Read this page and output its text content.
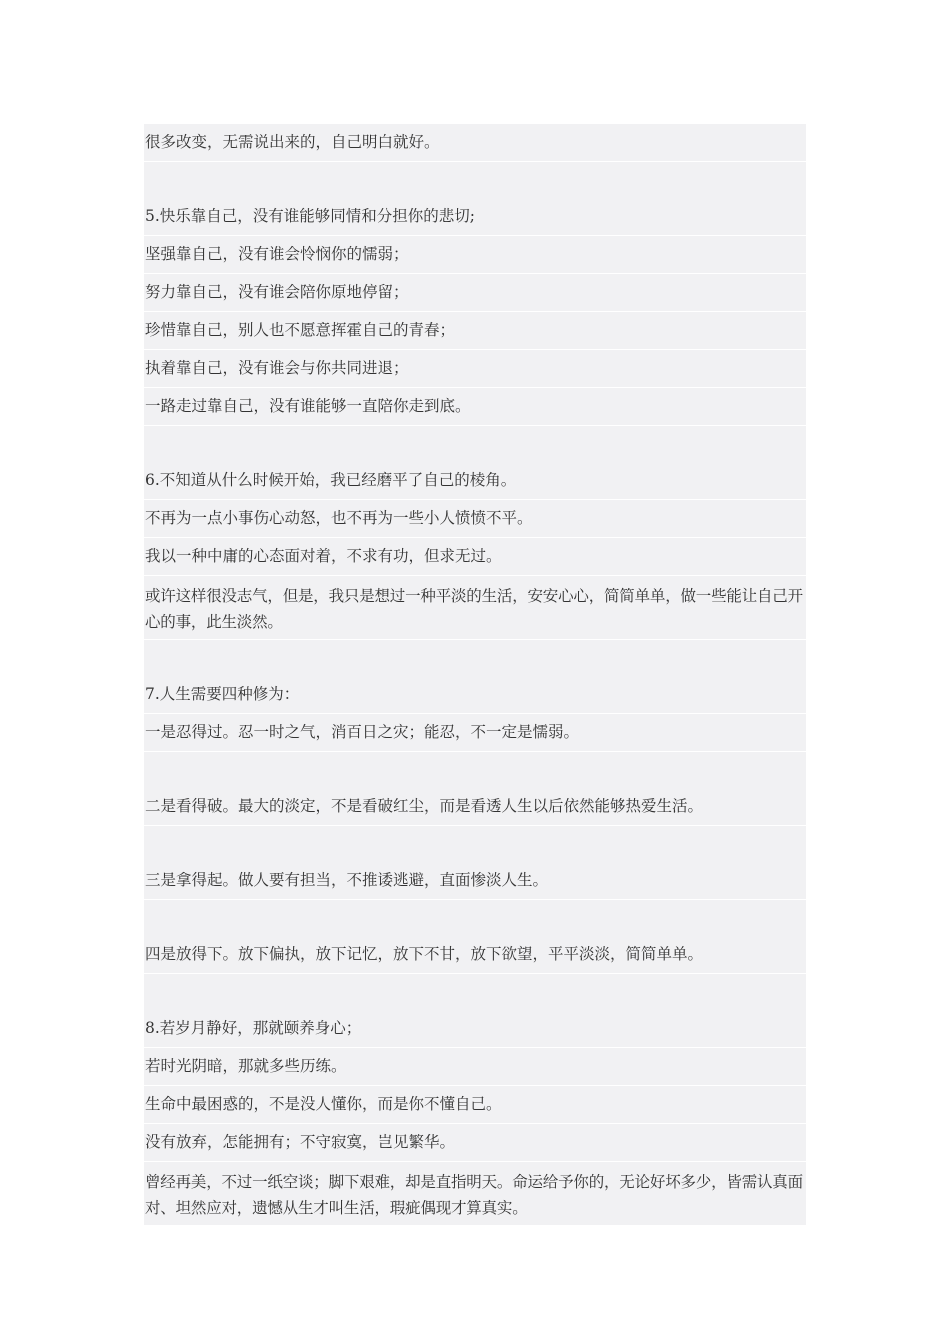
很多改变，无需说出来的，自己明白就好。
5.快乐靠自己，没有谁能够同情和分担你的悲切;
坚强靠自己，没有谁会怜悯你的懦弱；
努力靠自己，没有谁会陪你原地停留；
珍惜靠自己，别人也不愿意挥霍自己的青春；
执着靠自己，没有谁会与你共同进退；
一路走过靠自己，没有谁能够一直陪你走到底。
6.不知道从什么时候开始，我已经磨平了自己的棱角。
不再为一点小事伤心动怒，也不再为一些小人愤愤不平。
我以一种中庸的心态面对着，不求有功，但求无过。
或许这样很没志气，但是，我只是想过一种平淡的生活，安安心心，简简单单，做一些能让自己开心的事，此生淡然。
7.人生需要四种修为：
一是忍得过。忍一时之气，消百日之灾；能忍，不一定是懦弱。
二是看得破。最大的淡定，不是看破红尘，而是看透人生以后依然能够热爱生活。
三是拿得起。做人要有担当，不推诿逃避，直面惨淡人生。
四是放得下。放下偏执，放下记忆，放下不甘，放下欲望，平平淡淡，简简单单。
8.若岁月静好，那就颐养身心；
若时光阴暗，那就多些历练。
生命中最困惑的，不是没人懂你，而是你不懂自己。
没有放弃，怎能拥有；不守寂寞，岂见繁华。
曾经再美，不过一纸空谈；脚下艰难，却是直指明天。命运给予你的，无论好坏多少，皆需认真面对、坦然应对，遗憾从生才叫生活，瑕疵偶现才算真实。
